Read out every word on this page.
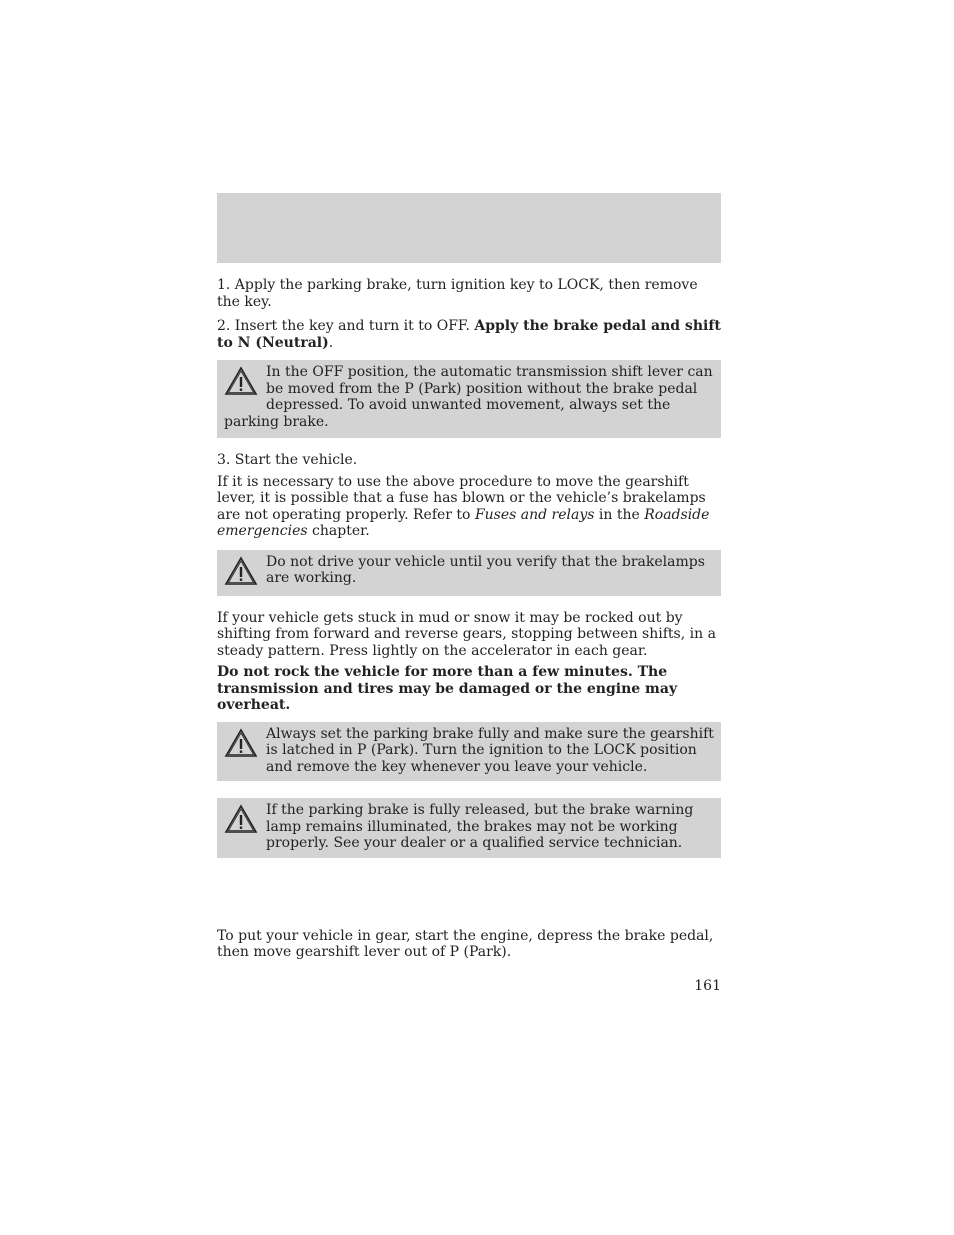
1. Apply the parking brake, turn ignition key to LOCK, then remove the key.

2. Insert the key and turn it to OFF. Apply the brake pedal and shift to N (Neutral).

In the OFF position, the automatic transmission shift lever can be moved from the P (Park) position without the brake pedal depressed. To avoid unwanted movement, always set the parking brake.

3. Start the vehicle.

If it is necessary to use the above procedure to move the gearshift lever, it is possible that a fuse has blown or the vehicle’s brakelamps are not operating properly. Refer to Fuses and relays in the Roadside emergencies chapter.

Do not drive your vehicle until you verify that the brakelamps are working.

If your vehicle gets stuck in mud or snow it may be rocked out by shifting from forward and reverse gears, stopping between shifts, in a steady pattern. Press lightly on the accelerator in each gear.

Do not rock the vehicle for more than a few minutes. The transmission and tires may be damaged or the engine may overheat.

Always set the parking brake fully and make sure the gearshift is latched in P (Park). Turn the ignition to the LOCK position and remove the key whenever you leave your vehicle.
If the parking brake is fully released, but the brake warning lamp remains illuminated, the brakes may not be working properly. See your dealer or a qualified service technician.

To put your vehicle in gear, start the engine, depress the brake pedal, then move gearshift lever out of P (Park).

161
